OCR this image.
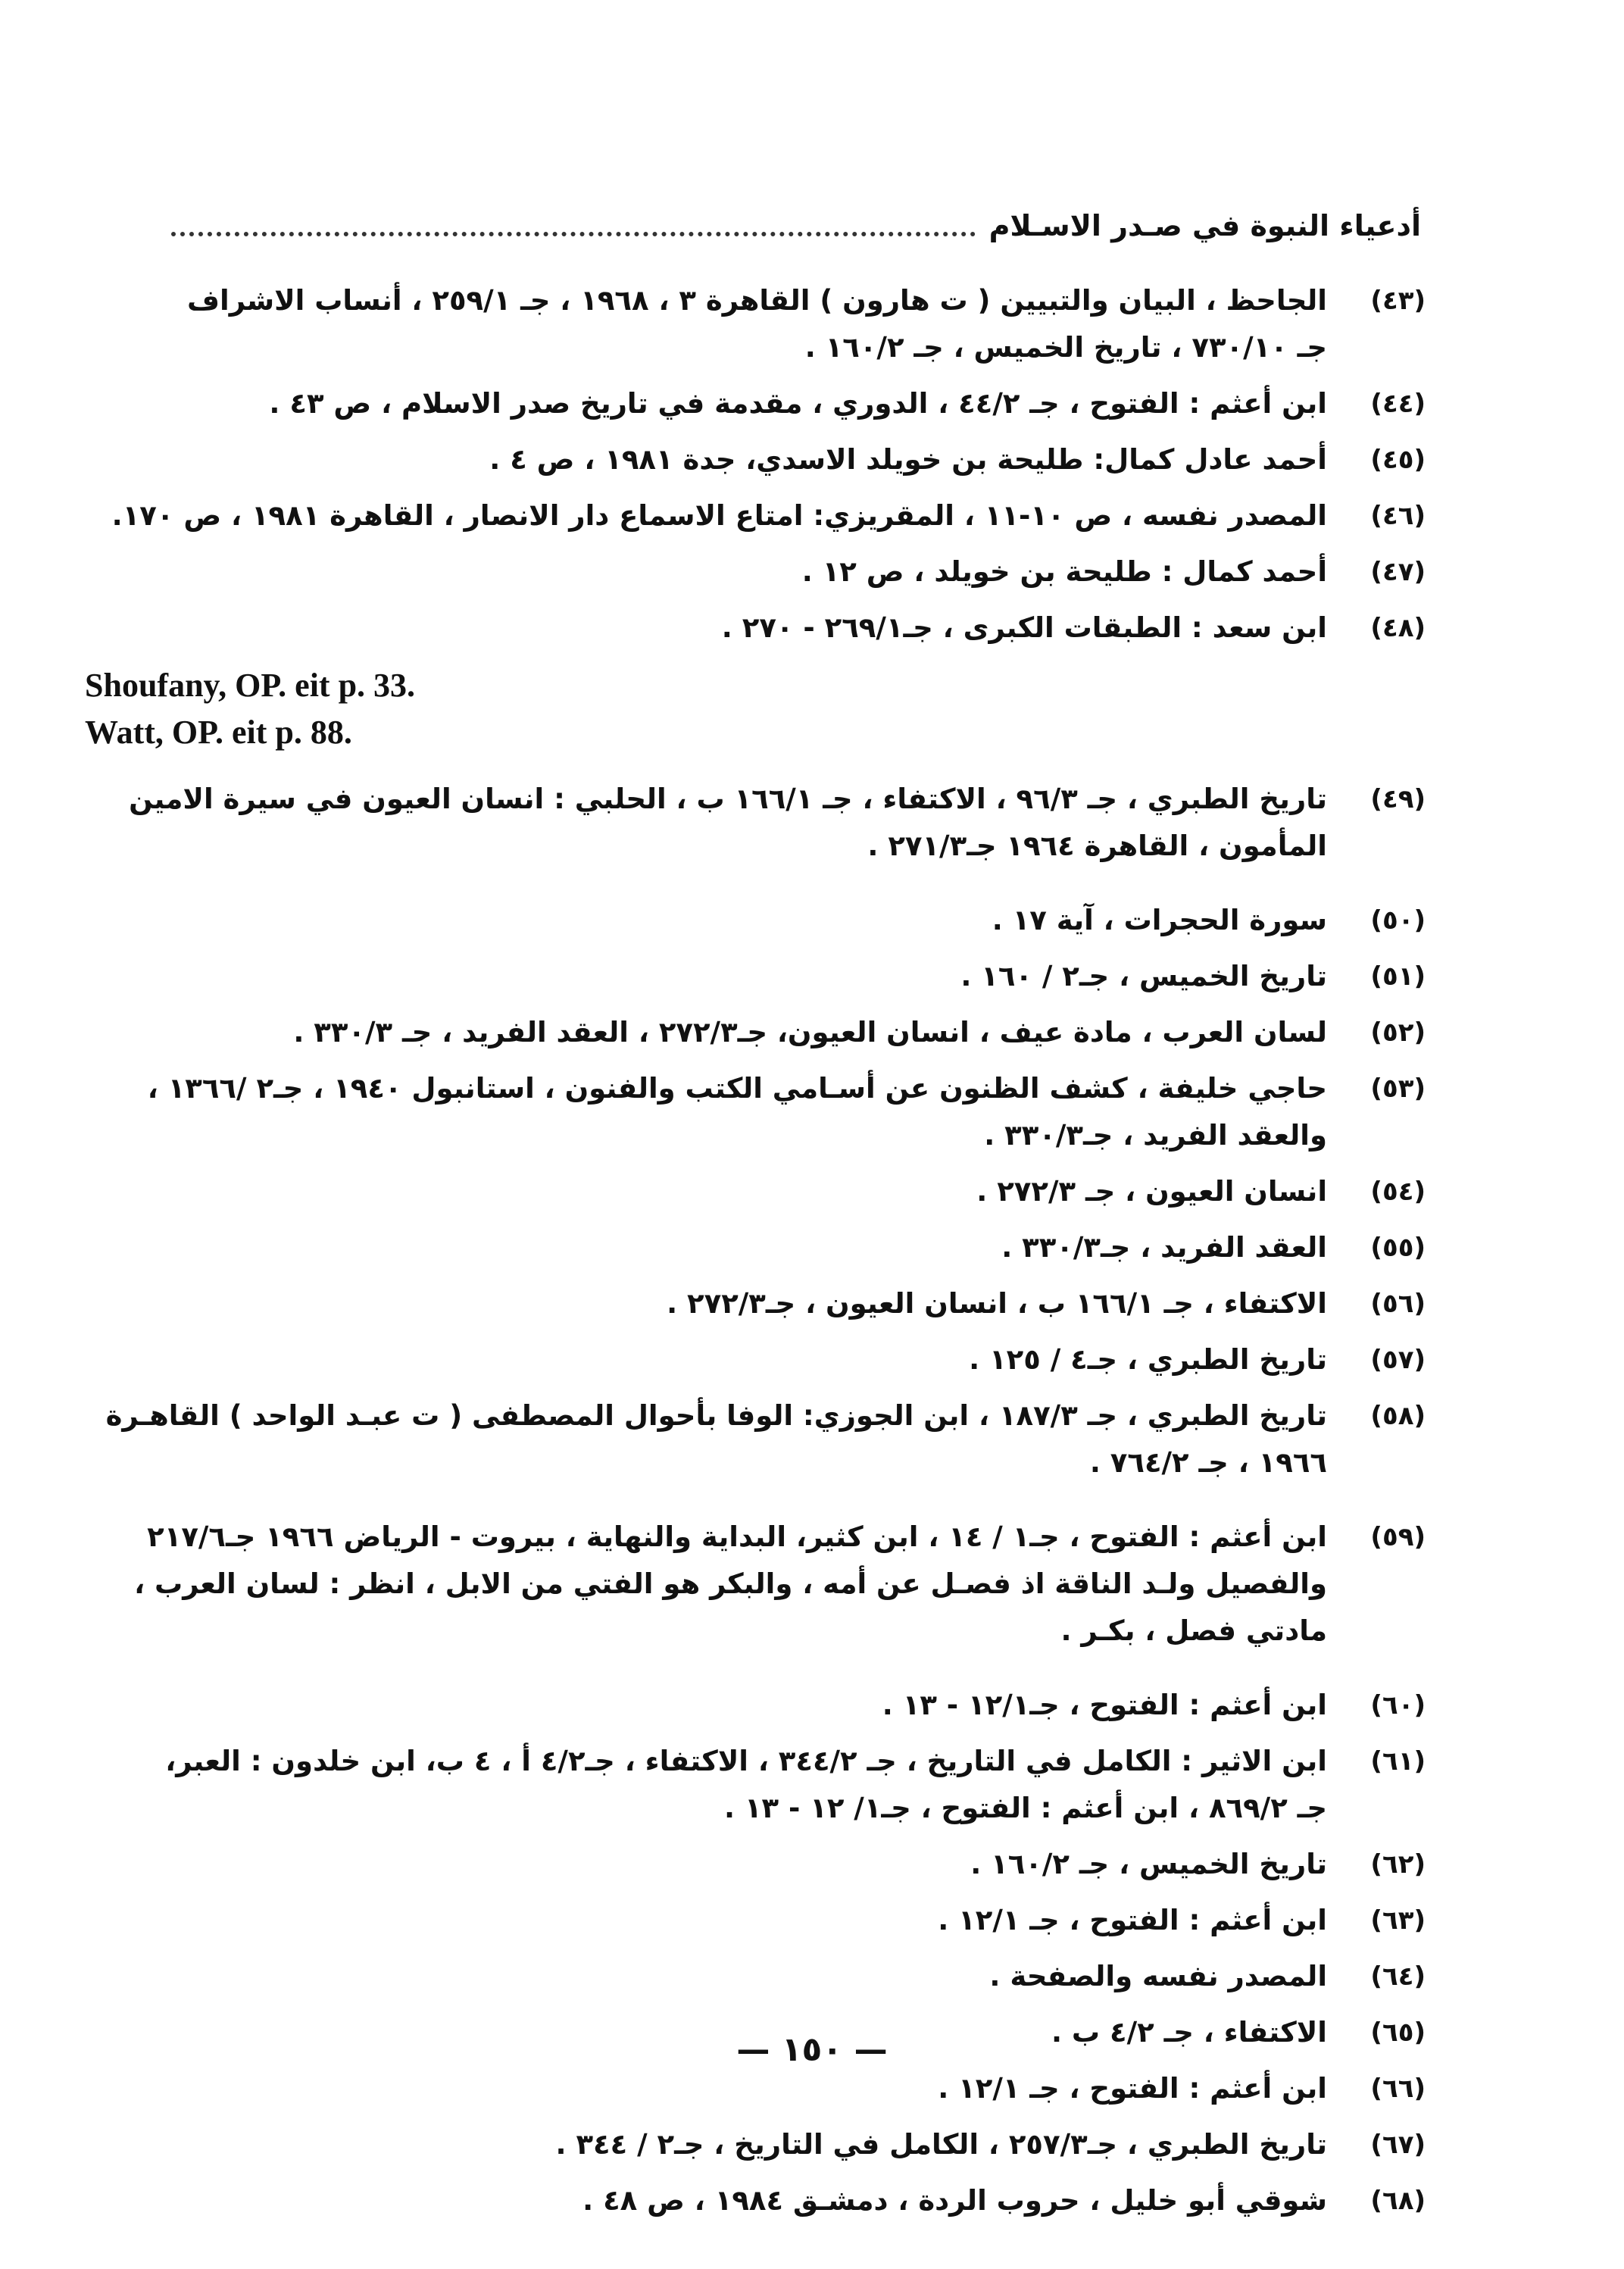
أدعياء النبوة في صـدر الاسـلام
(٤٣)
الجاحظ ، البيان والتبيين ( ت هارون ) القاهرة ٣ ، ١٩٦٨ ، جـ ٢٥٩/١ ، أنساب الاشراف
جـ ٧٣٠/١٠ ، تاريخ الخميس ، جـ ١٦٠/٢ .
(٤٤)
ابن أعثم : الفتوح ، جـ ٤٤/٢ ، الدوري ، مقدمة في تاريخ صدر الاسلام ، ص ٤٣ .
(٤٥)
أحمد عادل كمال: طليحة بن خويلد الاسدي، جدة ١٩٨١ ، ص ٤ .
(٤٦)
المصدر نفسه ، ص ١٠-١١ ، المقريزي: امتاع الاسماع دار الانصار ، القاهرة ١٩٨١ ، ص ١٧٠.
(٤٧)
أحمد كمال : طليحة بن خويلد ، ص ١٢ .
(٤٨)
ابن سعد : الطبقات الكبرى ، جـ٢٦٩/١ - ٢٧٠ .
Shoufany, OP. eit p. 33.
Watt, OP. eit p. 88.
(٤٩)
تاريخ الطبري ، جـ ٩٦/٣ ، الاكتفاء ، جـ ١٦٦/١ ب ، الحلبي : انسان العيون في سيرة الامين
المأمون ، القاهرة ١٩٦٤ جـ٢٧١/٣ .
(٥٠)
سورة الحجرات ، آية ١٧ .
(٥١)
تاريخ الخميس ، جـ٢ / ١٦٠ .
(٥٢)
لسان العرب ، مادة عيف ، انسان العيون، جـ٢٧٢/٣ ، العقد الفريد ، جـ ٣٣٠/٣ .
(٥٣)
حاجي خليفة ، كشف الظنون عن أسـامي الكتب والفنون ، استانبول ١٩٤٠ ، جـ٢ /١٣٦٦ ،
والعقد الفريد ، جـ٣٣٠/٣ .
(٥٤)
انسان العيون ، جـ ٢٧٢/٣ .
(٥٥)
العقد الفريد ، جـ٣٣٠/٣ .
(٥٦)
الاكتفاء ، جـ ١٦٦/١ ب ، انسان العيون ، جـ٢٧٢/٣ .
(٥٧)
تاريخ الطبري ، جـ٤ / ١٢٥ .
(٥٨)
تاريخ الطبري ، جـ ١٨٧/٣ ، ابن الجوزي: الوفا بأحوال المصطفى ( ت عبـد الواحد ) القاهـرة
١٩٦٦ ، جـ ٧٦٤/٢ .
(٥٩)
ابن أعثم : الفتوح ، جـ١ / ١٤ ، ابن كثير، البداية والنهاية ، بيروت - الرياض ١٩٦٦ جـ٢١٧/٦
والفصيل ولـد الناقة اذ فصـل عن أمه ، والبكر هو الفتي من الابل ، انظر : لسان العرب ،
مادتي فصل ، بكـر .
(٦٠)
ابن أعثم : الفتوح ، جـ١٢/١ - ١٣ .
(٦١)
ابن الاثير : الكامل في التاريخ ، جـ ٣٤٤/٢ ، الاكتفاء ، جـ٤/٢ أ ، ٤ ب، ابن خلدون : العبر،
جـ ٨٦٩/٢ ، ابن أعثم : الفتوح ، جـ١/ ١٢ - ١٣ .
(٦٢)
تاريخ الخميس ، جـ ١٦٠/٢ .
(٦٣)
ابن أعثم : الفتوح ، جـ ١٢/١ .
(٦٤)
المصدر نفسه والصفحة .
(٦٥)
الاكتفاء ، جـ ٤/٢ ب .
(٦٦)
ابن أعثم : الفتوح ، جـ ١٢/١ .
(٦٧)
تاريخ الطبري ، جـ٢٥٧/٣ ، الكامل في التاريخ ، جـ٢ / ٣٤٤ .
(٦٨)
شوقي أبو خليل ، حروب الردة ، دمشـق ١٩٨٤ ، ص ٤٨ .
— ١٥٠ —
